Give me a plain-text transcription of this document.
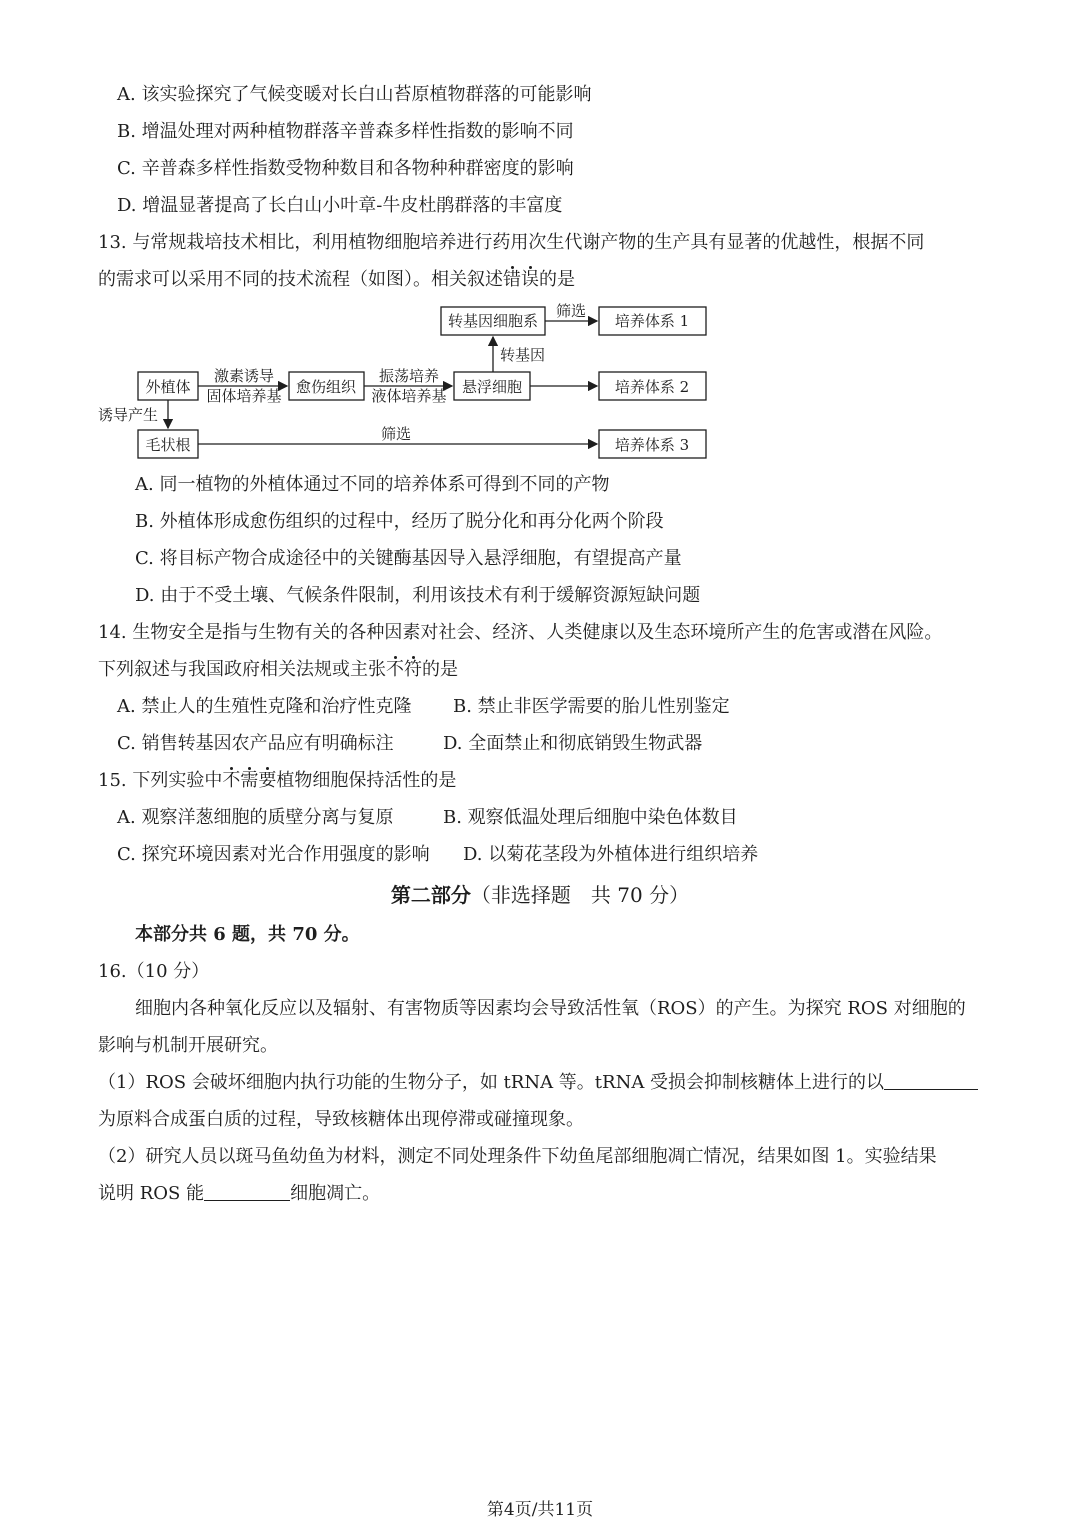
A. 该实验探究了气候变暖对长白山苔原植物群落的可能影响
B. 增温处理对两种植物群落辛普森多样性指数的影响不同
C. 辛普森多样性指数受物种数目和各物种种群密度的影响
D. 增温显著提高了长白山小叶章-牛皮杜鹃群落的丰富度
13. 与常规栽培技术相比，利用植物细胞培养进行药用次生代谢产物的生产具有显著的优越性，根据不同
的需求可以采用不同的技术流程（如图）。相关叙述错误的是
外植体
激素诱导
固体培养基 愈伤组织
振荡培养
液体培养基 悬浮细胞
转基因
转基因细胞系
筛选
培养体系 1
培养体系 2
诱导产生
毛状根
筛选
培养体系 3
A. 同一植物的外植体通过不同的培养体系可得到不同的产物
B. 外植体形成愈伤组织的过程中，经历了脱分化和再分化两个阶段
C. 将目标产物合成途径中的关键酶基因导入悬浮细胞，有望提高产量
D. 由于不受土壤、气候条件限制，利用该技术有利于缓解资源短缺问题
14. 生物安全是指与生物有关的各种因素对社会、经济、人类健康以及生态环境所产生的危害或潜在风险。
下列叙述与我国政府相关法规或主张不符的是
A. 禁止人的生殖性克隆和治疗性克隆 B. 禁止非医学需要的胎儿性别鉴定
C. 销售转基因农产品应有明确标注	D. 全面禁止和彻底销毁生物武器
15. 下列实验中不需要植物细胞保持活性的是
A. 观察洋葱细胞的质壁分离与复原	B. 观察低温处理后细胞中染色体数目
C. 探究环境因素对光合作用强度的影响 D. 以菊花茎段为外植体进行组织培养
第二部分（非选择题　共 70 分）
本部分共 6 题，共 70 分。
16.（10 分）
细胞内各种氧化反应以及辐射、有害物质等因素均会导致活性氧（ROS）的产生。为探究 ROS 对细胞的
影响与机制开展研究。
（1）ROS 会破坏细胞内执行功能的生物分子，如 tRNA 等。tRNA 受损会抑制核糖体上进行的以
为原料合成蛋白质的过程，导致核糖体出现停滞或碰撞现象。
（2）研究人员以斑马鱼幼鱼为材料，测定不同处理条件下幼鱼尾部细胞凋亡情况，结果如图 1。实验结果
说明 ROS 能	细胞凋亡。
第4页/共11页
